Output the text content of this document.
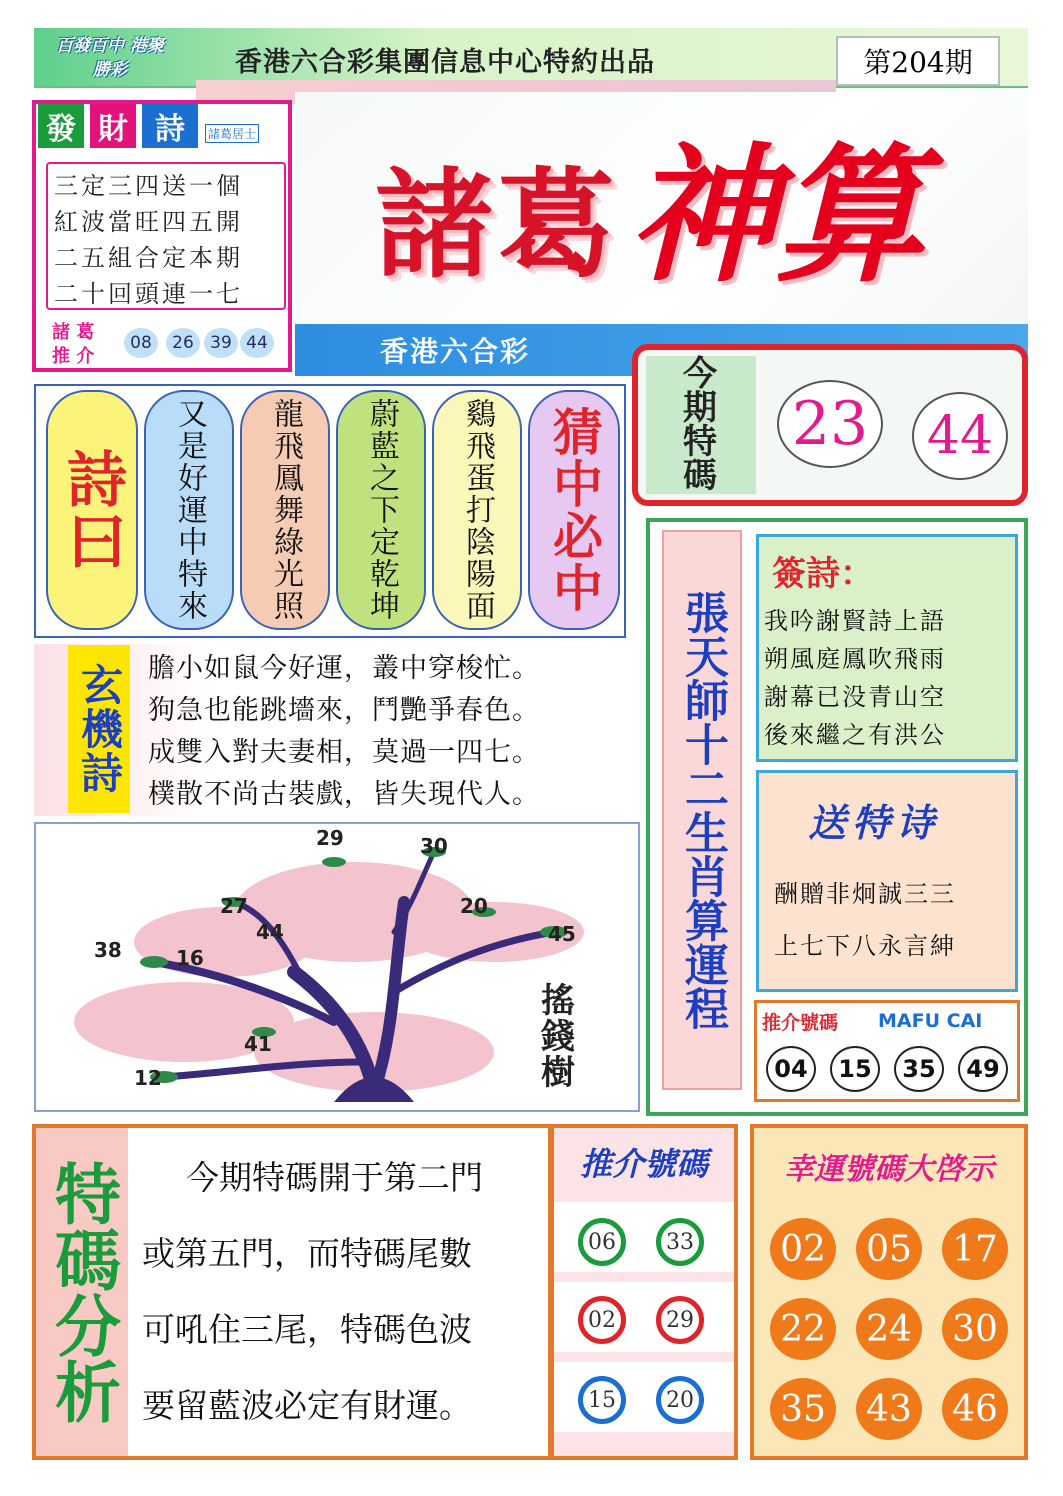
百發百中 港聚勝彩	香港六合彩集團信息中心特約出品	第204期
諸葛 神算
發 財 詩	諸葛居士
三定三四送一個
紅波當旺四五開
二五組合定本期
二十回頭連一七
諸 葛
推 介
08	26 39 44	香港六合彩
今期特碼
23 44
詩曰 又是好運中特來 龍飛鳳舞綠光照 蔚藍之下定乾坤 鷄飛蛋打陰陽面 猜中必中
玄機詩 膽小如鼠今好運，叢中穿梭忙。
狗急也能跳墻來，鬥艷爭春色。
成雙入對夫妻相，莫過一四七。
樸散不尚古裝戲，皆失現代人。
29	30
27
44
20
45
38	16
41
12	搖錢樹
張天師十二生肖算運程
簽詩：
我吟謝賢詩上語
朔風庭鳳吹飛雨
謝幕已没青山空
後來繼之有洪公
送特诗
酬贈非炯誠三三
上七下八永言紳
推介號碼 MAFU CAI
04	15	35	49
特碼分析	今期特碼開于第二門
或第五門，而特碼尾數
可吼住三尾，特碼色波
要留藍波必定有財運。
推介號碼
06	33
02	29
15	20
幸運號碼大啓示
02 05 17
22 24 30
35 43 46
